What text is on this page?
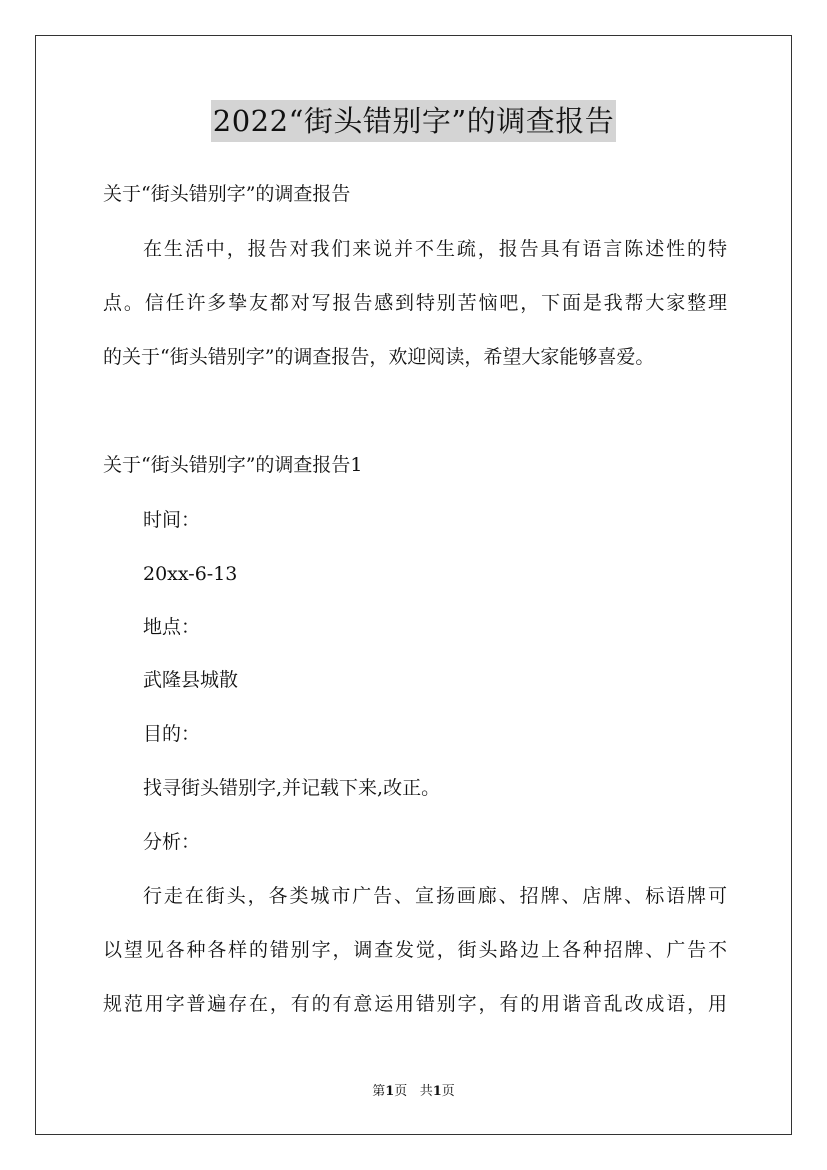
2022“街头错别字”的调查报告
关于“街头错别字”的调查报告
在生活中，报告对我们来说并不生疏，报告具有语言陈述性的特
点。信任许多挚友都对写报告感到特别苦恼吧，下面是我帮大家整理
的关于“街头错别字”的调查报告，欢迎阅读，希望大家能够喜爱。
关于“街头错别字”的调查报告1
时间：
20xx-6-13
地点：
武隆县城散
目的：
找寻街头错别字,并记载下来,改正。
分析：
行走在街头，各类城市广告、宣扬画廊、招牌、店牌、标语牌可
以望见各种各样的错别字，调查发觉，街头路边上各种招牌、广告不
规范用字普遍存在，有的有意运用错别字，有的用谐音乱改成语，用
第1页   共1页
